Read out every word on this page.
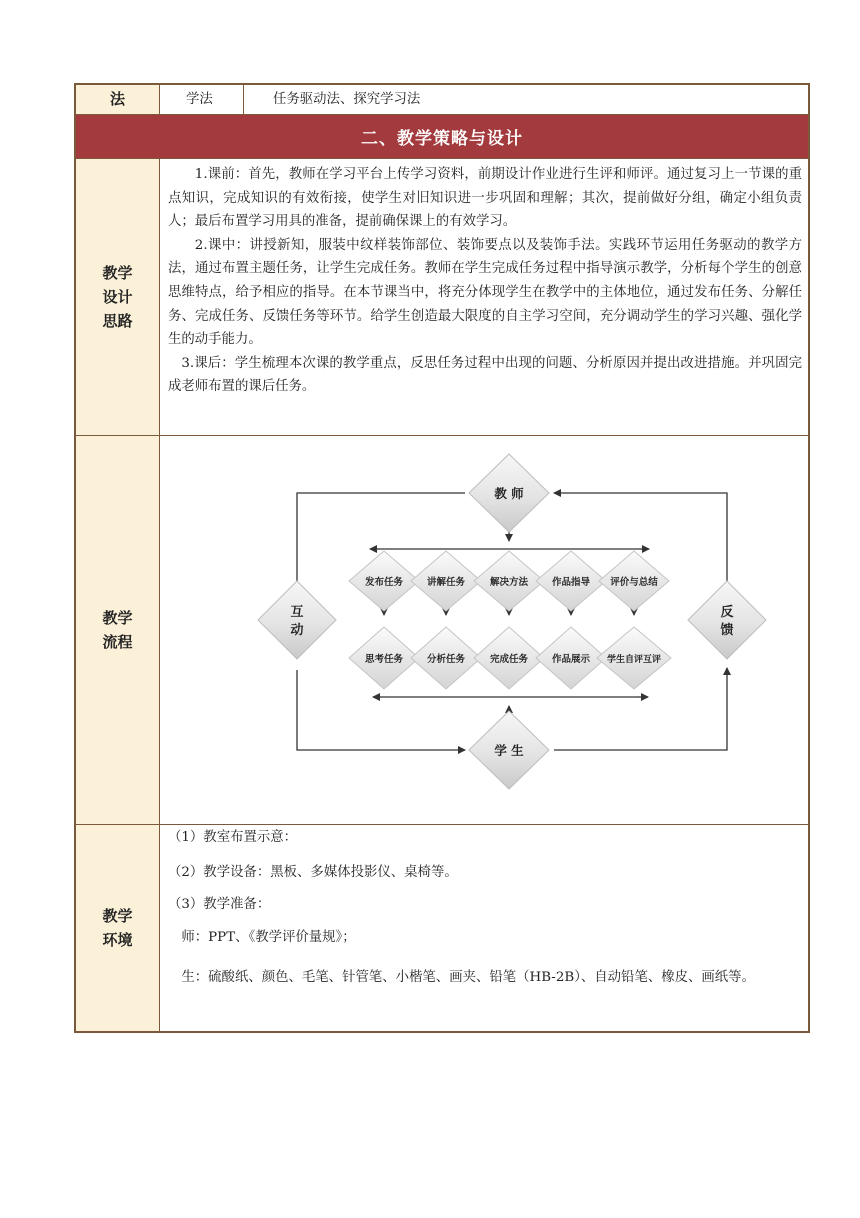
法	学法	任务驱动法、探究学习法
二、教学策略与设计
教学
设计
思路

1.课前：首先，教师在学习平台上传学习资料，前期设计作业进行生评和师评。通过复习上一节课的重点知识，完成知识的有效衔接，使学生对旧知识进一步巩固和理解；其次，提前做好分组，确定小组负责人；最后布置学习用具的准备，提前确保课上的有效学习。

2.课中：讲授新知，服装中纹样装饰部位、装饰要点以及装饰手法。实践环节运用任务驱动的教学方法，通过布置主题任务，让学生完成任务。教师在学生完成任务过程中指导演示教学，分析每个学生的创意思维特点，给予相应的指导。在本节课当中，将充分体现学生在教学中的主体地位，通过发布任务、分解任务、完成任务、反馈任务等环节。给学生创造最大限度的自主学习空间，充分调动学生的学习兴趣、强化学生的动手能力。

3.课后：学生梳理本次课的教学重点，反思任务过程中出现的问题、分析原因并提出改进措施。并巩固完成老师布置的课后任务。

教学
流程
教 师
互
动
反
馈
学 生
发布任务	讲解任务	解决方法	作品指导 评价与总结
思考任务	分析任务	完成任务	作品展示 学生自评互评
教学
环境

（1）教室布置示意：

（2）教学设备：黑板、多媒体投影仪、桌椅等。

（3）教学准备：

师：PPT、《教学评价量规》；

生：硫酸纸、颜色、毛笔、针管笔、小楷笔、画夹、铅笔（HB-2B）、自动铅笔、橡皮、画纸等。
